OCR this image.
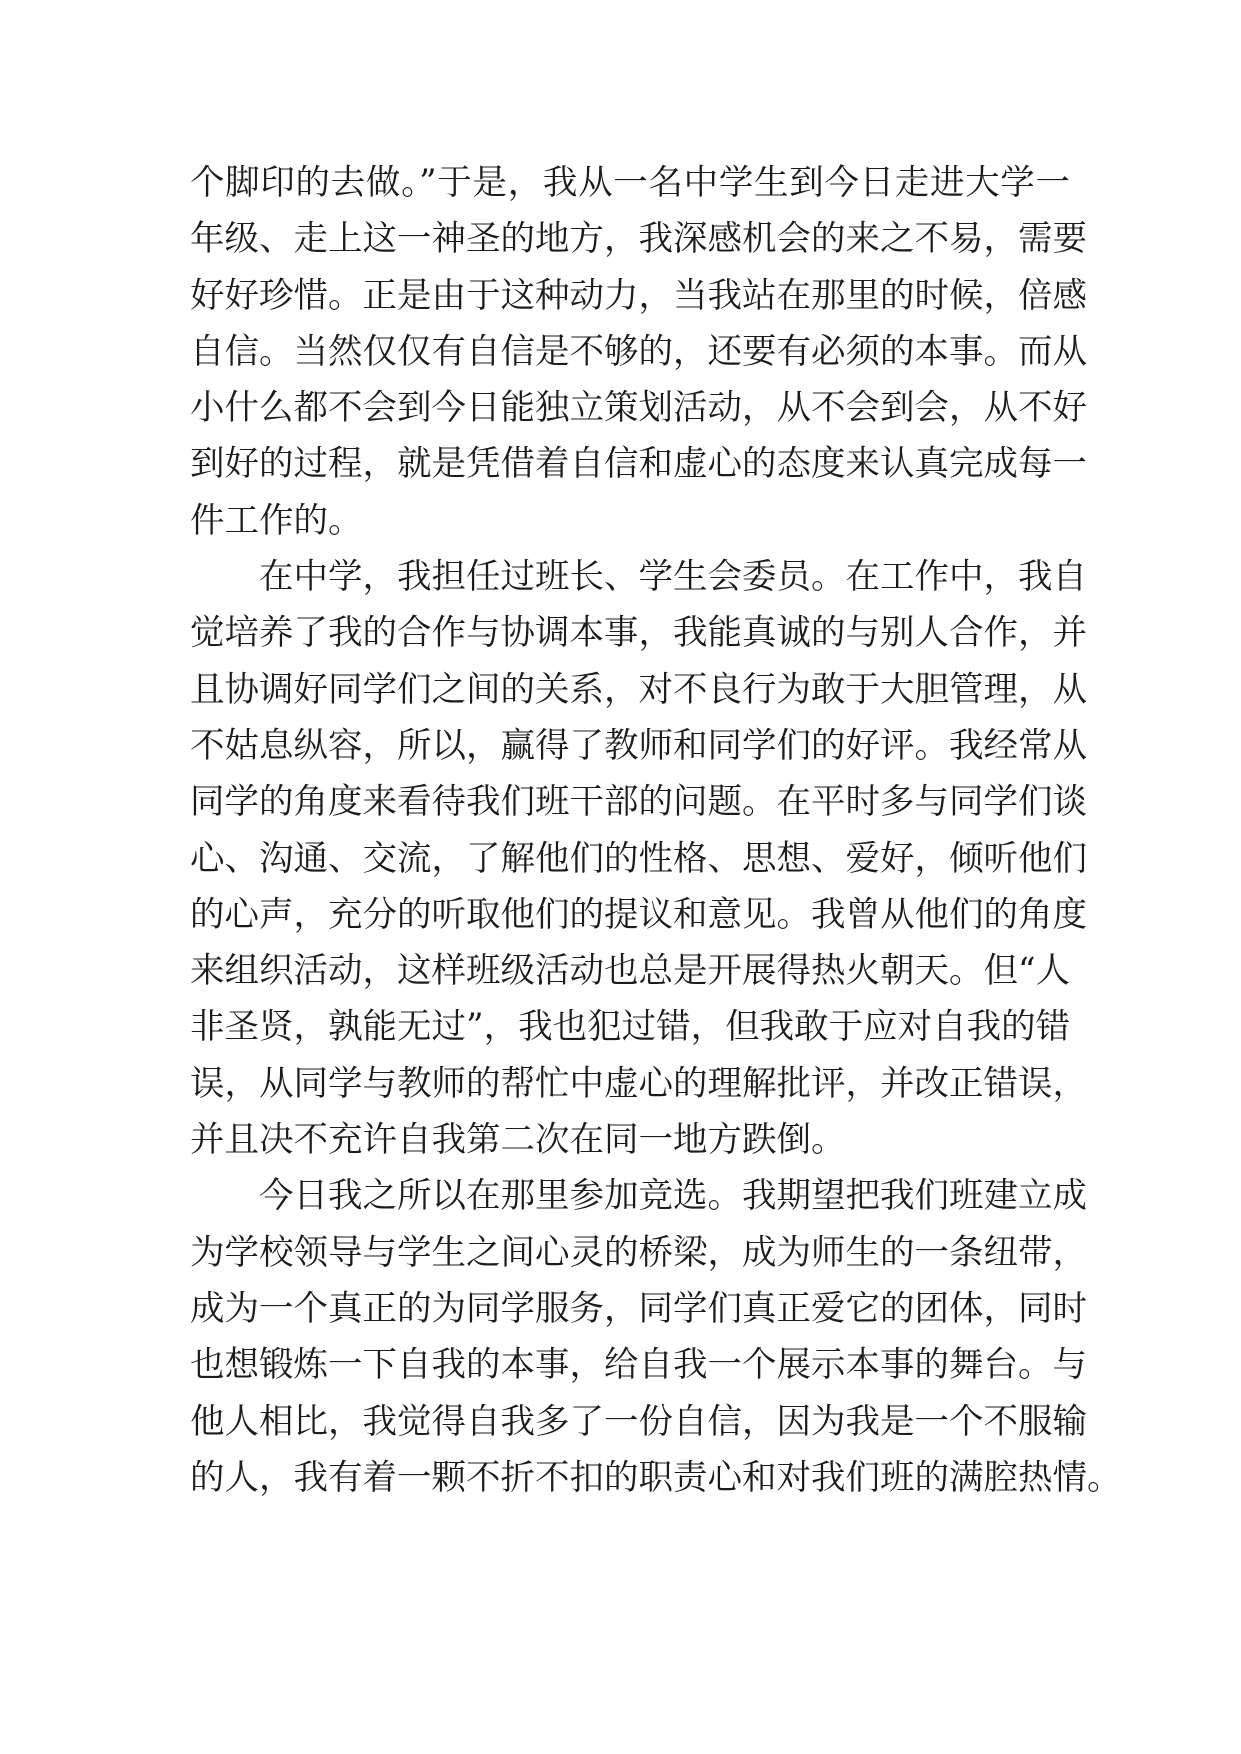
个脚印的去做。”于是，我从一名中学生到今日走进大学一
年级、走上这一神圣的地方，我深感机会的来之不易，需要
好好珍惜。正是由于这种动力，当我站在那里的时候，倍感
自信。当然仅仅有自信是不够的，还要有必须的本事。而从
小什么都不会到今日能独立策划活动，从不会到会，从不好
到好的过程，就是凭借着自信和虚心的态度来认真完成每一
件工作的。
在中学，我担任过班长、学生会委员。在工作中，我自
觉培养了我的合作与协调本事，我能真诚的与别人合作，并
且协调好同学们之间的关系，对不良行为敢于大胆管理，从
不姑息纵容，所以，赢得了教师和同学们的好评。我经常从
同学的角度来看待我们班干部的问题。在平时多与同学们谈
心、沟通、交流，了解他们的性格、思想、爱好，倾听他们
的心声，充分的听取他们的提议和意见。我曾从他们的角度
来组织活动，这样班级活动也总是开展得热火朝天。但“人
非圣贤，孰能无过”，我也犯过错，但我敢于应对自我的错
误，从同学与教师的帮忙中虚心的理解批评，并改正错误，
并且决不充许自我第二次在同一地方跌倒。
今日我之所以在那里参加竞选。我期望把我们班建立成
为学校领导与学生之间心灵的桥梁，成为师生的一条纽带，
成为一个真正的为同学服务，同学们真正爱它的团体，同时
也想锻炼一下自我的本事，给自我一个展示本事的舞台。与
他人相比，我觉得自我多了一份自信，因为我是一个不服输
的人，我有着一颗不折不扣的职责心和对我们班的满腔热情。
